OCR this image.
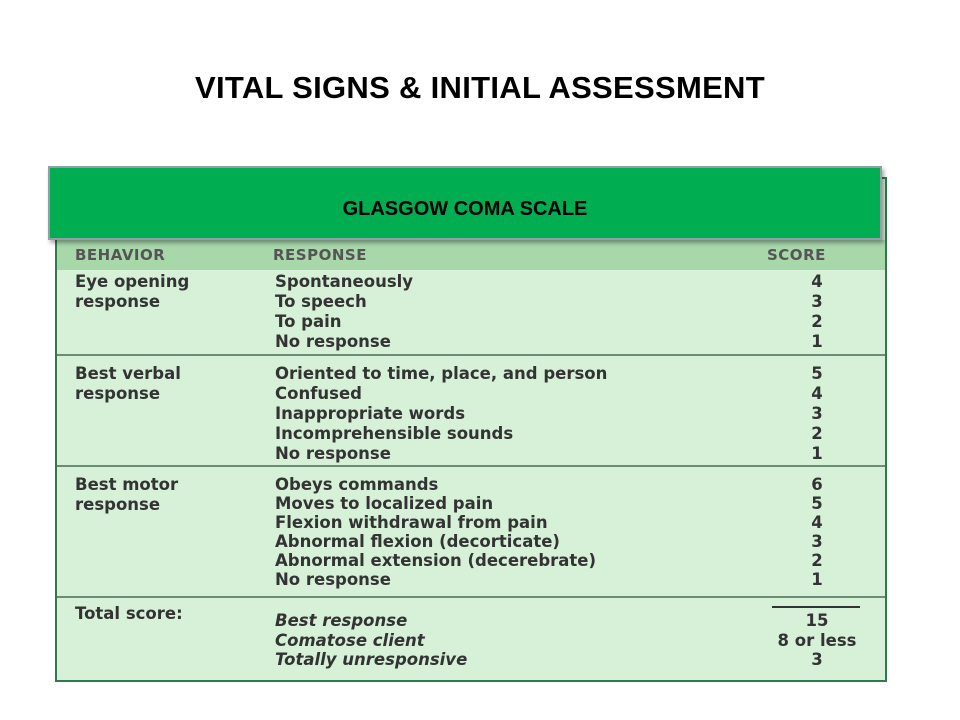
VITAL SIGNS & INITIAL ASSESSMENT
GLASGOW COMA SCALE
BEHAVIOR	RESPONSE	SCORE
Eye opening
response
Spontaneously	4
To speech	3
To pain	2
No response	1
Best verbal
response
Oriented to time, place, and person	5
Confused	4
Inappropriate words	3
Incomprehensible sounds	2
No response	1
Best motor
response
Obeys commands	6
Moves to localized pain	5
Flexion withdrawal from pain	4
Abnormal flexion (decorticate)	3
Abnormal extension (decerebrate)	2
No response	1
Total score:	Best response	15
Comatose client	8 or less
Totally unresponsive	3
